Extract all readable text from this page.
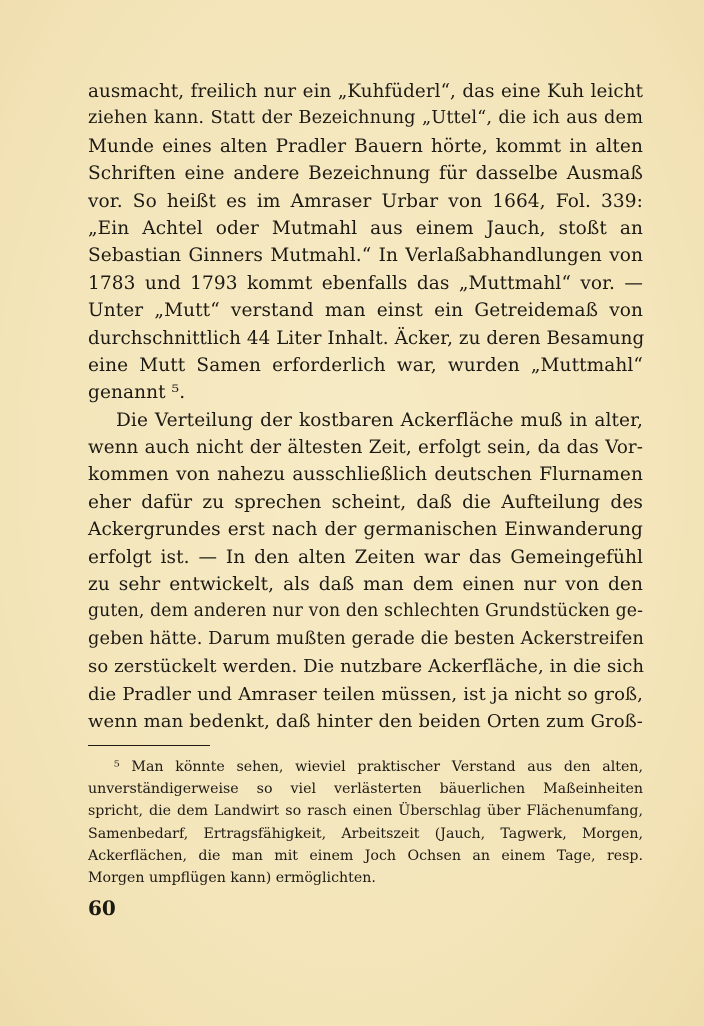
ausmacht, freilich nur ein „Kuhfüderl“, das eine Kuh leicht
ziehen kann. Statt der Bezeichnung „Uttel“, die ich aus dem
Munde eines alten Pradler Bauern hörte, kommt in alten
Schriften eine andere Bezeichnung für dasselbe Ausmaß
vor. So heißt es im Amraser Urbar von 1664, Fol. 339:
„Ein Achtel oder Mutmahl aus einem Jauch, stoßt an
Sebastian Ginners Mutmahl.“ In Verlaßabhandlungen von
1783 und 1793 kommt ebenfalls das „Muttmahl“ vor. —
Unter „Mutt“ verstand man einst ein Getreidemaß von
durchschnittlich 44 Liter Inhalt. Äcker, zu deren Besamung
eine Mutt Samen erforderlich war, wurden „Muttmahl“
genannt ⁵.
Die Verteilung der kostbaren Ackerfläche muß in alter,
wenn auch nicht der ältesten Zeit, erfolgt sein, da das Vor-
kommen von nahezu ausschließlich deutschen Flurnamen
eher dafür zu sprechen scheint, daß die Aufteilung des
Ackergrundes erst nach der germanischen Einwanderung
erfolgt ist. — In den alten Zeiten war das Gemeingefühl
zu sehr entwickelt, als daß man dem einen nur von den
guten, dem anderen nur von den schlechten Grundstücken ge-
geben hätte. Darum mußten gerade die besten Ackerstreifen
so zerstückelt werden. Die nutzbare Ackerfläche, in die sich
die Pradler und Amraser teilen müssen, ist ja nicht so groß,
wenn man bedenkt, daß hinter den beiden Orten zum Groß-
⁵ Man könnte sehen, wieviel praktischer Verstand aus den alten,
unverständigerweise so viel verlästerten bäuerlichen Maßeinheiten
spricht, die dem Landwirt so rasch einen Überschlag über Flächenumfang,
Samenbedarf, Ertragsfähigkeit, Arbeitszeit (Jauch, Tagwerk, Morgen,
Ackerflächen, die man mit einem Joch Ochsen an einem Tage, resp.
Morgen umpflügen kann) ermöglichten.
60
